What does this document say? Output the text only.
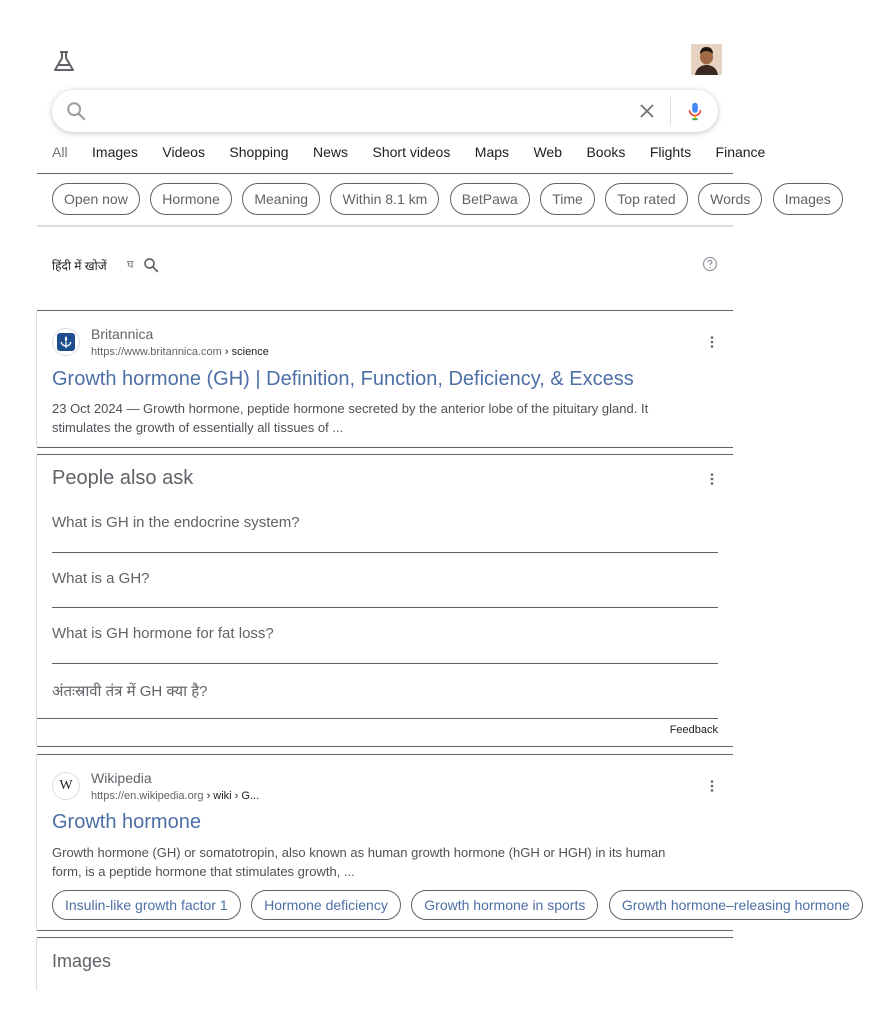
All Images Videos Shopping News Short videos Maps Web Books Flights Finance
Open now Hormone Meaning Within 8.1 km BetPawa Time Top rated Words Images
हिंदी में खोजें घ
Britannica
https://www.britannica.com › science
Growth hormone (GH) | Definition, Function, Deficiency, & Excess
23 Oct 2024 — Growth hormone, peptide hormone secreted by the anterior lobe of the pituitary gland. It stimulates the growth of essentially all tissues of ...
People also ask
What is GH in the endocrine system?
What is a GH?
What is GH hormone for fat loss?
अंतःस्रावी तंत्र में GH क्या है?
Feedback
W Wikipedia
https://en.wikipedia.org › wiki › G...
Growth hormone
Growth hormone (GH) or somatotropin, also known as human growth hormone (hGH or HGH) in its human form, is a peptide hormone that stimulates growth, ...
Insulin-like growth factor 1	Hormone deficiency	Growth hormone in sports	Growth hormone–releasing hormone
Images
